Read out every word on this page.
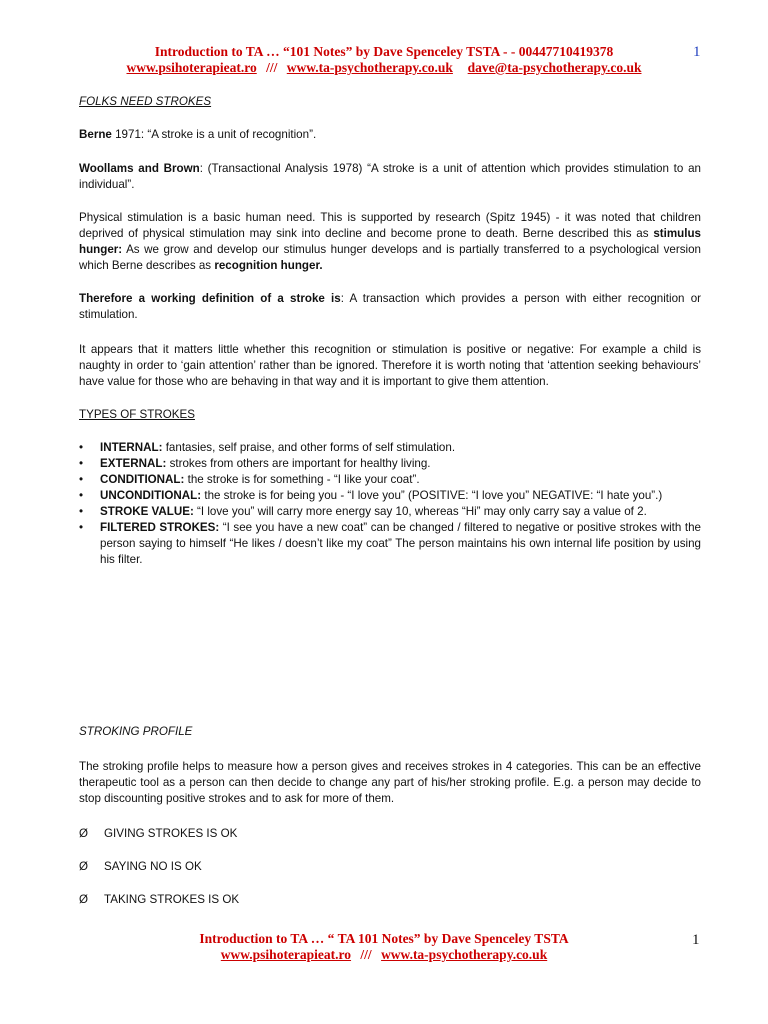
Introduction to TA … “101 Notes” by Dave Spenceley TSTA - - 00447710419378
www.psihoterapieat.ro /// www.ta-psychotherapy.co.uk dave@ta-psychotherapy.co.uk
1
FOLKS NEED STROKES
Berne 1971: “A stroke is a unit of recognition”.
Woollams and Brown: (Transactional Analysis 1978) “A stroke is a unit of attention which provides stimulation to an individual”.
Physical stimulation is a basic human need. This is supported by research (Spitz 1945) - it was noted that children deprived of physical stimulation may sink into decline and become prone to death. Berne described this as stimulus hunger: As we grow and develop our stimulus hunger develops and is partially transferred to a psychological version which Berne describes as recognition hunger.
Therefore a working definition of a stroke is: A transaction which provides a person with either recognition or stimulation.
It appears that it matters little whether this recognition or stimulation is positive or negative: For example a child is naughty in order to ‘gain attention’ rather than be ignored. Therefore it is worth noting that ‘attention seeking behaviours’ have value for those who are behaving in that way and it is important to give them attention.
TYPES OF STROKES
• INTERNAL: fantasies, self praise, and other forms of self stimulation.
• EXTERNAL: strokes from others are important for healthy living.
• CONDITIONAL: the stroke is for something - “I like your coat”.
• UNCONDITIONAL: the stroke is for being you - “I love you” (POSITIVE: “I love you” NEGATIVE: “I hate you”.)
• STROKE VALUE: “I love you” will carry more energy say 10, whereas “Hi” may only carry say a value of 2.
• FILTERED STROKES: “I see you have a new coat” can be changed / filtered to negative or positive strokes with the person saying to himself “He likes / doesn’t like my coat” The person maintains his own internal life position by using his filter.
STROKING PROFILE
The stroking profile helps to measure how a person gives and receives strokes in 4 categories. This can be an effective therapeutic tool as a person can then decide to change any part of his/her stroking profile. E.g. a person may decide to stop discounting positive strokes and to ask for more of them.
Ø GIVING STROKES IS OK
Ø SAYING NO IS OK
Ø TAKING STROKES IS OK
Introduction to TA … “ TA 101 Notes” by Dave Spenceley TSTA
www.psihoterapieat.ro /// www.ta-psychotherapy.co.uk
1
